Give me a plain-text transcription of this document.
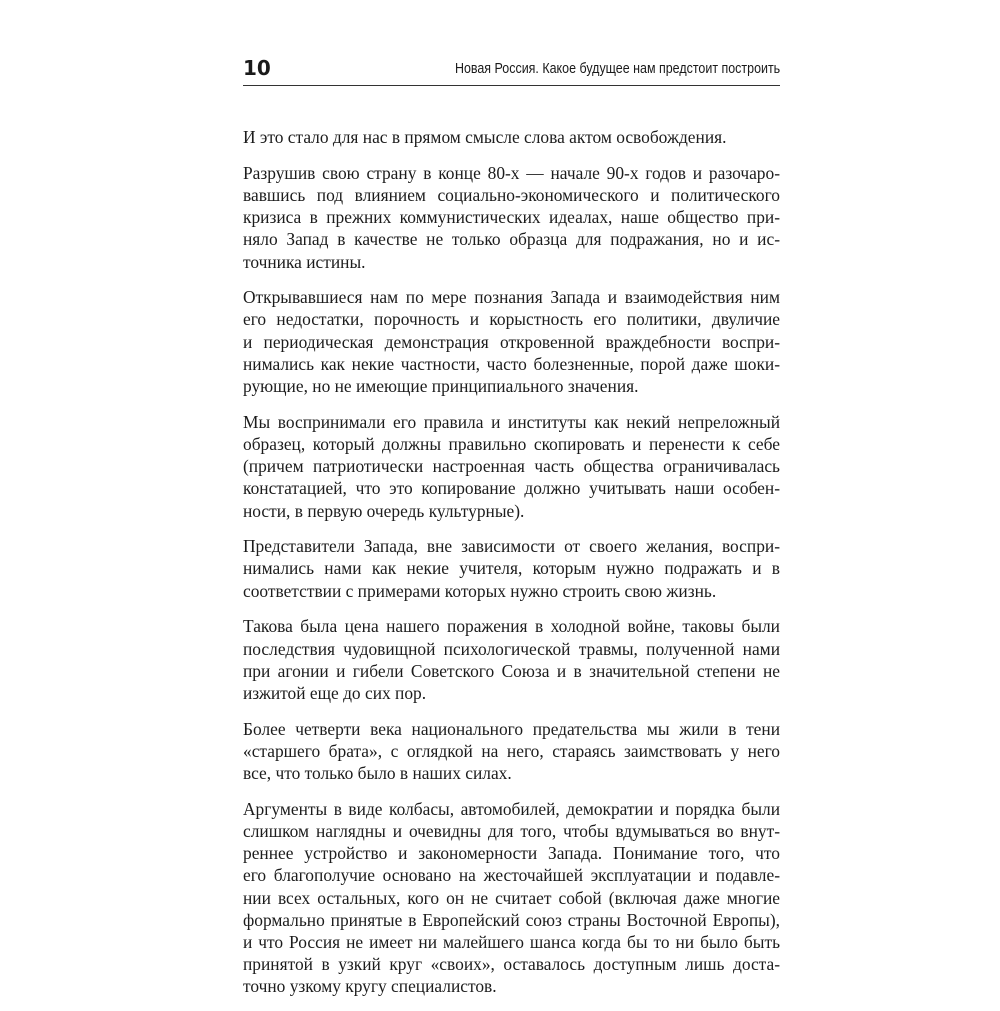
10	Новая Россия. Какое будущее нам предстоит построить

И это стало для нас в прямом смысле слова актом освобождения.

Разрушив свою страну в конце 80-х — начале 90-х годов и разочаро-
вавшись под влиянием социально-экономического и политического
кризиса в прежних коммунистических идеалах, наше общество при-
няло Запад в качестве не только образца для подражания, но и ис-
точника истины.

Открывавшиеся нам по мере познания Запада и взаимодействия ним
его недостатки, порочность и корыстность его политики, двуличие
и периодическая демонстрация откровенной враждебности воспри-
нимались как некие частности, часто болезненные, порой даже шоки-
рующие, но не имеющие принципиального значения.

Мы воспринимали его правила и институты как некий непреложный
образец, который должны правильно скопировать и перенести к себе
(причем патриотически настроенная часть общества ограничивалась
констатацией, что это копирование должно учитывать наши особен-
ности, в первую очередь культурные).

Представители Запада, вне зависимости от своего желания, воспри-
нимались нами как некие учителя, которым нужно подражать и в
соответствии с примерами которых нужно строить свою жизнь.

Такова была цена нашего поражения в холодной войне, таковы были
последствия чудовищной психологической травмы, полученной нами
при агонии и гибели Советского Союза и в значительной степени не
изжитой еще до сих пор.

Более четверти века национального предательства мы жили в тени
«старшего брата», с оглядкой на него, стараясь заимствовать у него
все, что только было в наших силах.

Аргументы в виде колбасы, автомобилей, демократии и порядка были
слишком наглядны и очевидны для того, чтобы вдумываться во внут-
реннее устройство и закономерности Запада. Понимание того, что
его благополучие основано на жесточайшей эксплуатации и подавле-
нии всех остальных, кого он не считает собой (включая даже многие
формально принятые в Европейский союз страны Восточной Европы),
и что Россия не имеет ни малейшего шанса когда бы то ни было быть
принятой в узкий круг «своих», оставалось доступным лишь доста-
точно узкому кругу специалистов.
